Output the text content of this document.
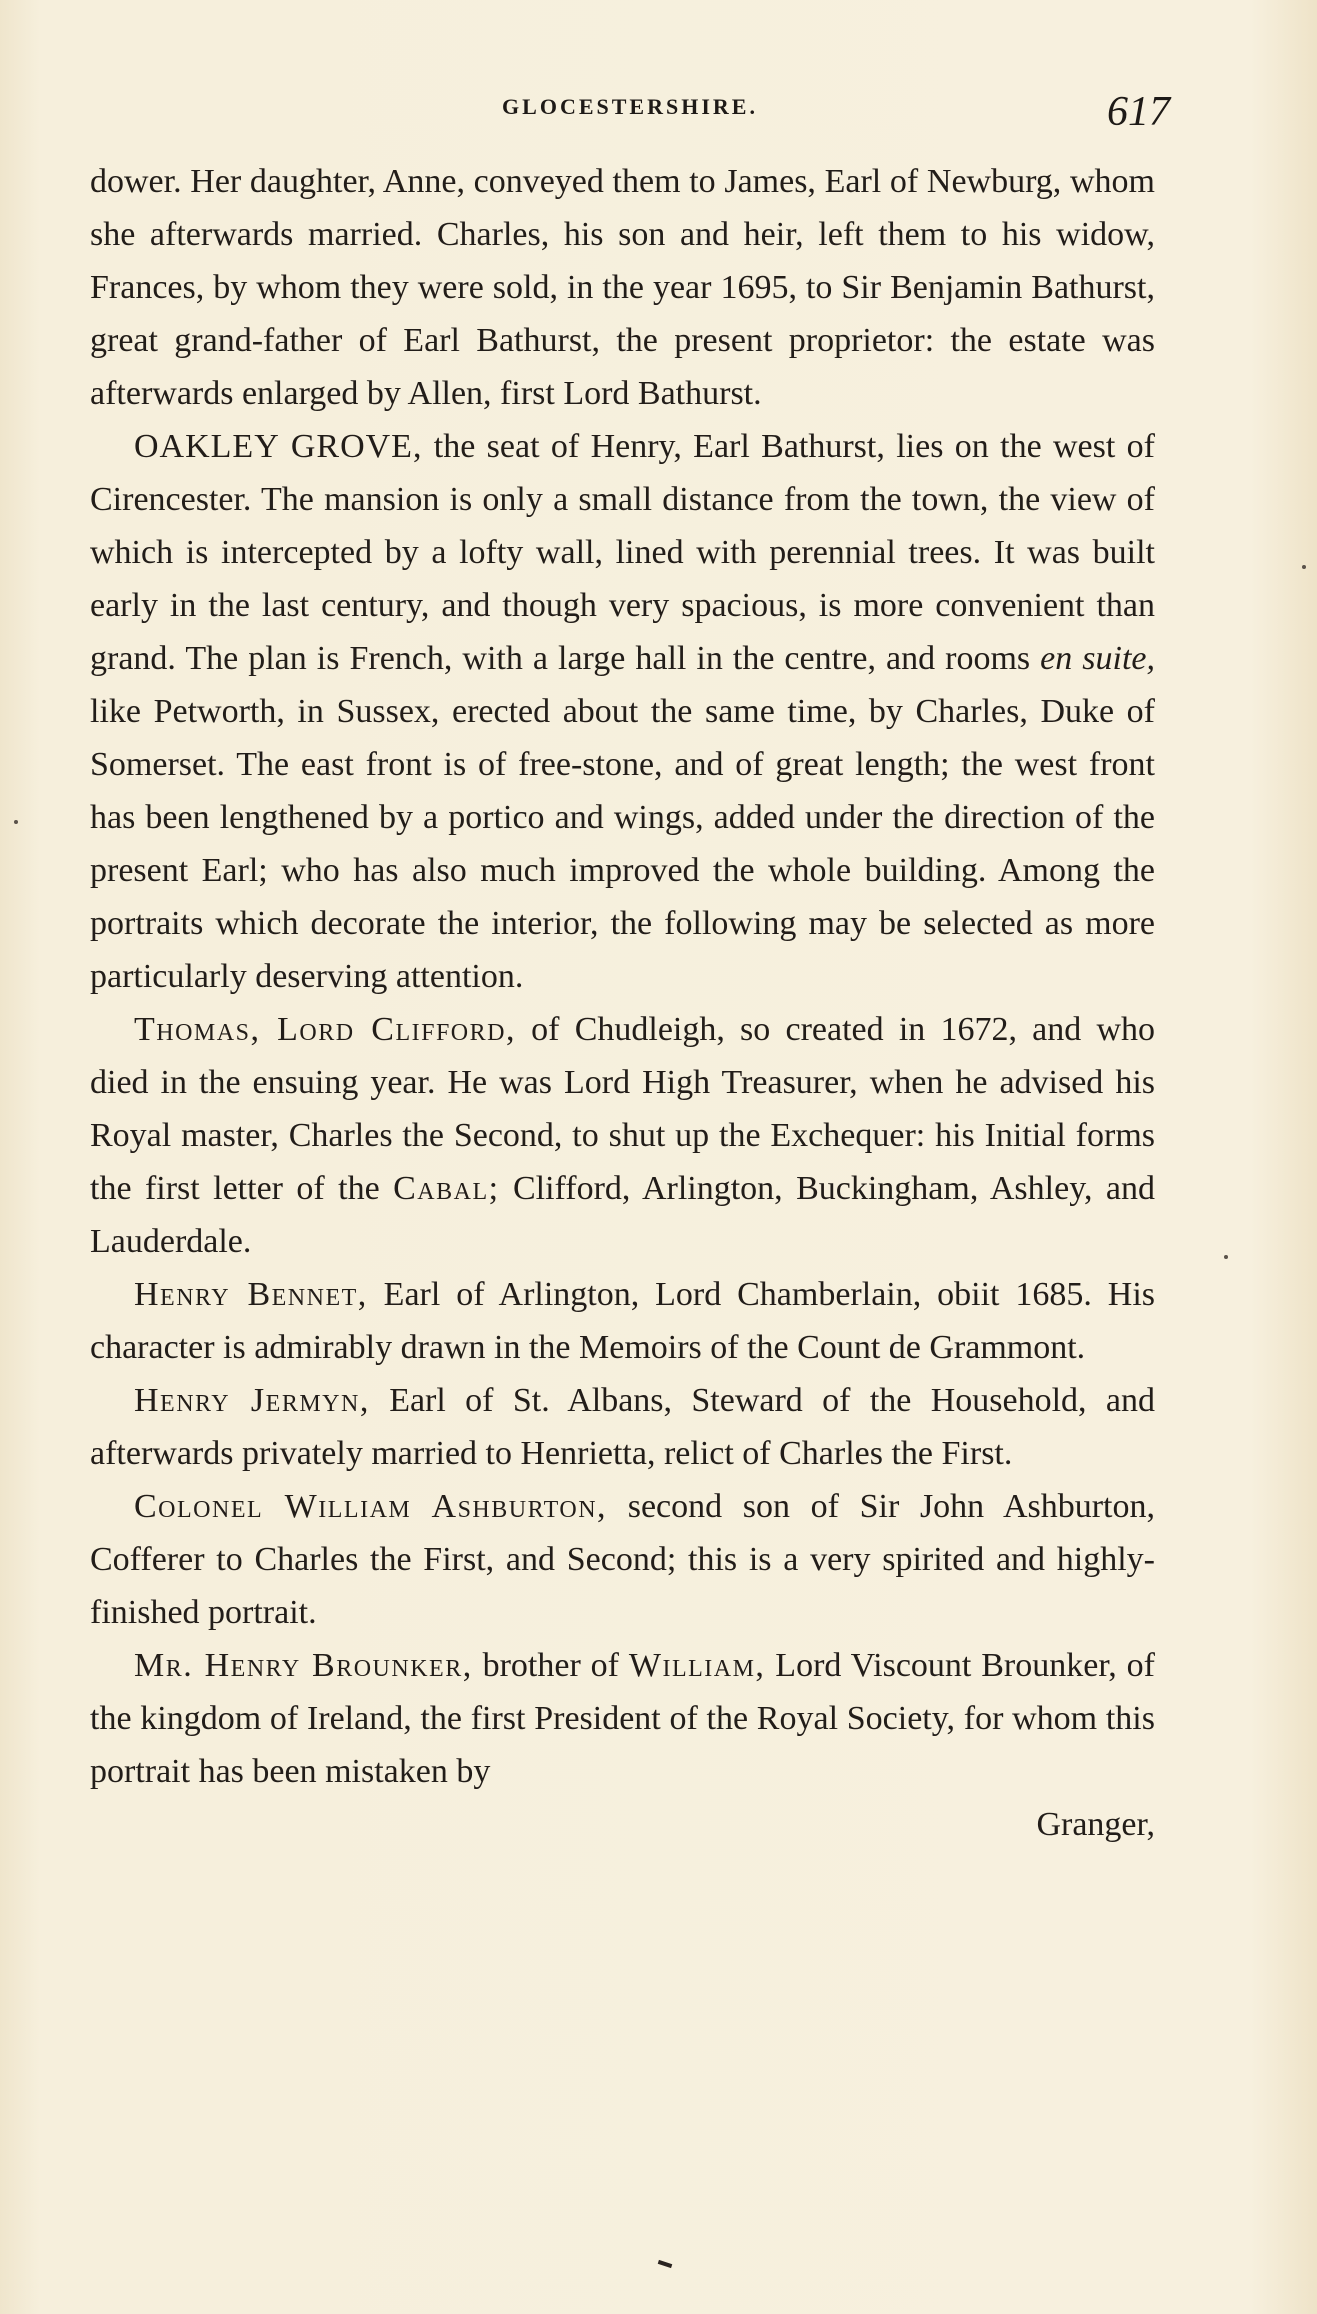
GLOCESTERSHIRE.	617

dower. Her daughter, Anne, conveyed them to James, Earl of Newburg, whom she afterwards married. Charles, his son and heir, left them to his widow, Frances, by whom they were sold, in the year 1695, to Sir Benjamin Bathurst, great grand-father of Earl Bathurst, the present proprietor: the estate was afterwards enlarged by Allen, first Lord Bathurst.

OAKLEY GROVE, the seat of Henry, Earl Bathurst, lies on the west of Cirencester. The mansion is only a small distance from the town, the view of which is intercepted by a lofty wall, lined with perennial trees. It was built early in the last century, and though very spacious, is more convenient than grand. The plan is French, with a large hall in the centre, and rooms en suite, like Petworth, in Sussex, erected about the same time, by Charles, Duke of Somerset. The east front is of free-stone, and of great length; the west front has been lengthened by a portico and wings, added under the direction of the present Earl; who has also much improved the whole building. Among the portraits which decorate the interior, the following may be selected as more particularly deserving attention.

Thomas, Lord Clifford, of Chudleigh, so created in 1672, and who died in the ensuing year. He was Lord High Treasurer, when he advised his Royal master, Charles the Second, to shut up the Exchequer: his Initial forms the first letter of the Cabal; Clifford, Arlington, Buckingham, Ashley, and Lauderdale.

Henry Bennet, Earl of Arlington, Lord Chamberlain, obiit 1685. His character is admirably drawn in the Memoirs of the Count de Grammont.

Henry Jermyn, Earl of St. Albans, Steward of the Household, and afterwards privately married to Henrietta, relict of Charles the First.

Colonel William Ashburton, second son of Sir John Ashburton, Cofferer to Charles the First, and Second; this is a very spirited and highly-finished portrait.

Mr. Henry Brounker, brother of William, Lord Viscount Brounker, of the kingdom of Ireland, the first President of the Royal Society, for whom this portrait has been mistaken by

Granger,
